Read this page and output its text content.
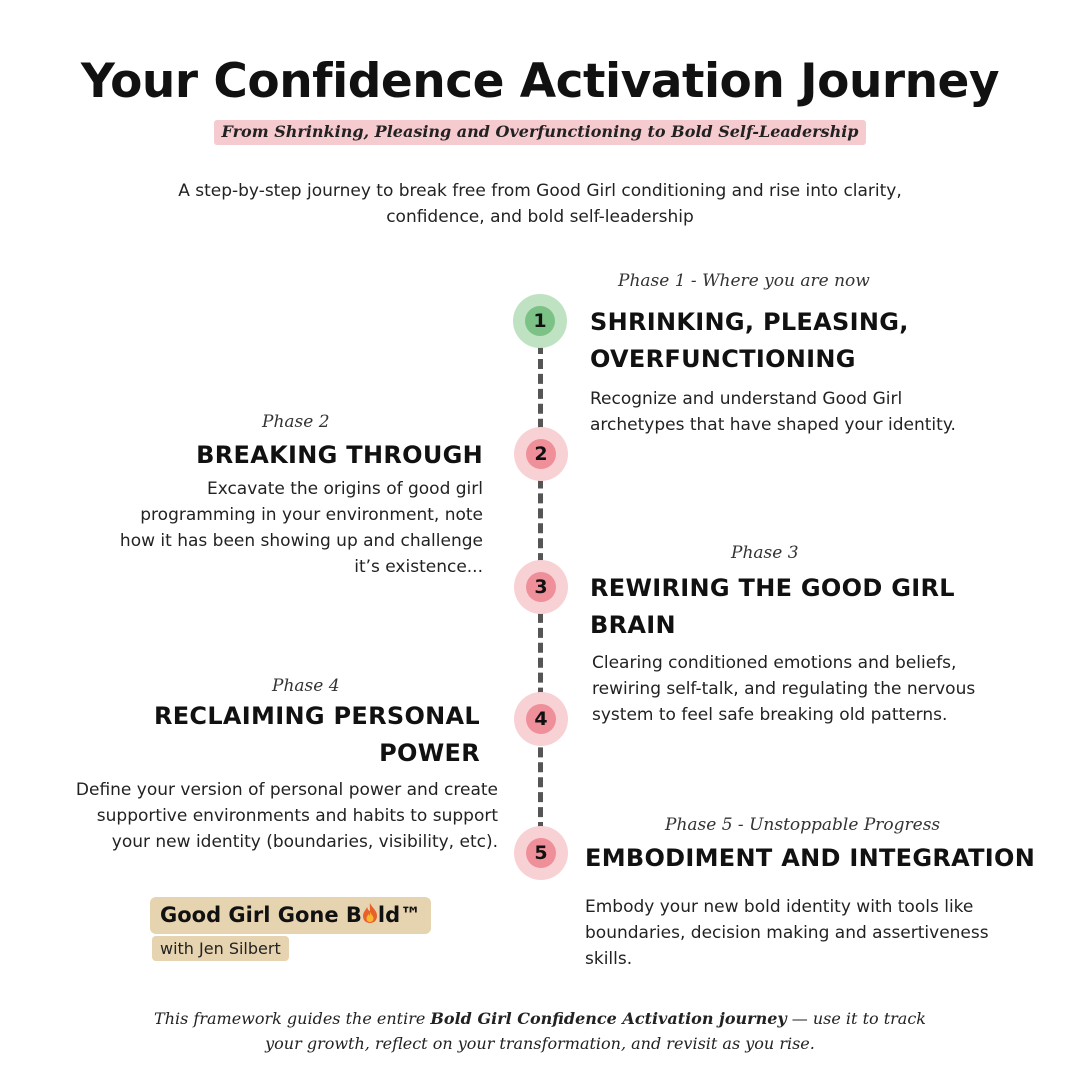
Your Confidence Activation Journey
From Shrinking, Pleasing and Overfunctioning to Bold Self-Leadership
A step-by-step journey to break free from Good Girl conditioning and rise into clarity, confidence, and bold self-leadership
1
Phase 1 - Where you are now
SHRINKING, PLEASING, OVERFUNCTIONING
Recognize and understand Good Girl archetypes that have shaped your identity.
2
Phase 2
BREAKING THROUGH
Excavate the origins of good girl programming in your environment, note how it has been showing up and challenge it’s existence...
3
Phase 3
REWIRING THE GOOD GIRL BRAIN
Clearing conditioned emotions and beliefs, rewiring self-talk, and regulating the nervous system to feel safe breaking old patterns.
4
Phase 4
RECLAIMING PERSONAL POWER
Define your version of personal power and create supportive environments and habits to support your new identity (boundaries, visibility, etc).	5
Phase 5 - Unstoppable Progress
EMBODIMENT AND INTEGRATION
Embody your new bold identity with tools like boundaries, decision making and assertiveness skills.
Good Girl Gone B ld™
with Jen Silbert
This framework guides the entire Bold Girl Confidence Activation journey — use it to track your growth, reflect on your transformation, and revisit as you rise.
